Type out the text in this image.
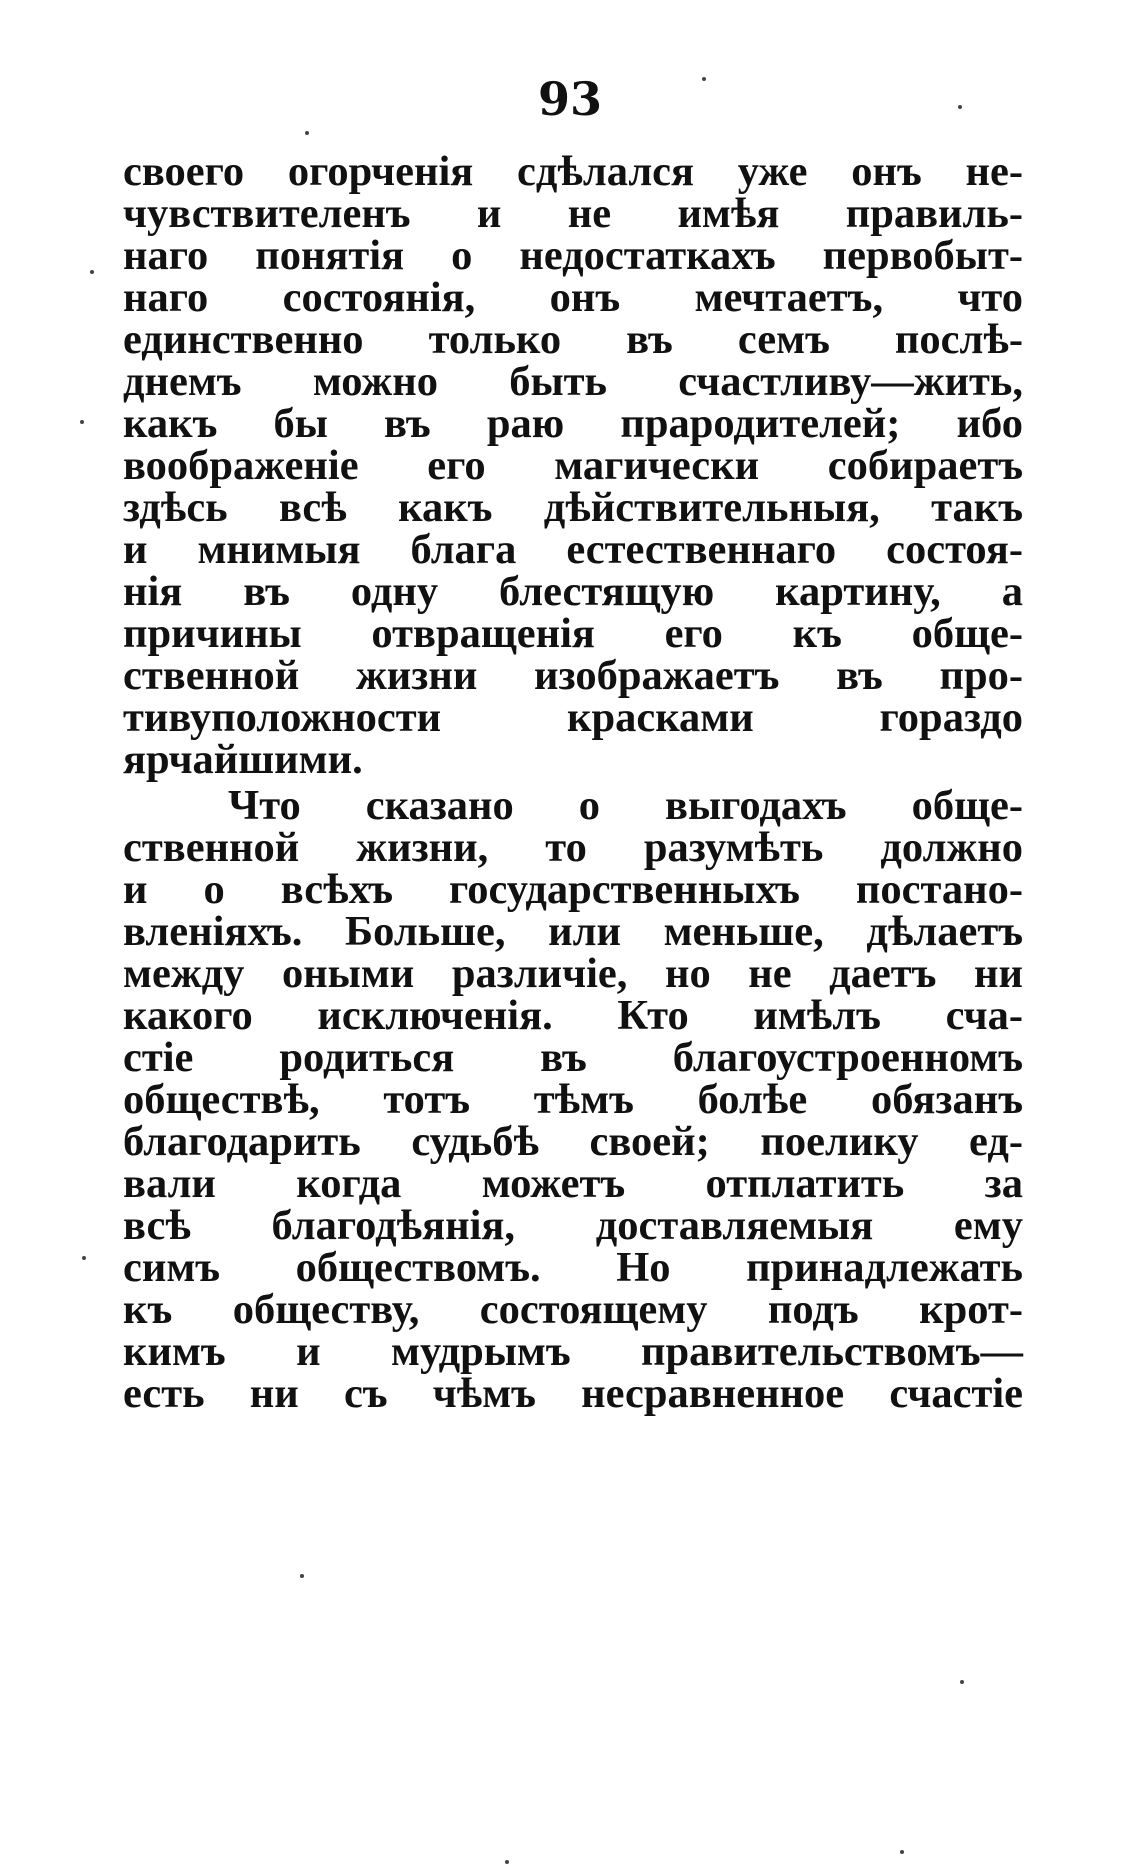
93
своего огорченія сдѣлался уже онъ не-
чувствителенъ и не имѣя правиль-
наго понятія о недостаткахъ первобыт-
наго состоянія, онъ мечтаетъ, что
единственно только въ семъ послѣ-
днемъ можно быть счастливу—жить,
какъ бы въ раю прародителей; ибо
воображеніе его магически собираетъ
здѣсь всѣ какъ дѣйствительныя, такъ
и мнимыя блага естественнаго состоя-
нія въ одну блестящую картину, а
причины отвращенія его къ обще-
ственной жизни изображаетъ въ про-
тивуположности красками гораздо
ярчайшими.
Что сказано о выгодахъ обще-
ственной жизни, то разумѣть должно
и о всѣхъ государственныхъ постано-
вленіяхъ. Больше, или меньше, дѣлаетъ
между оными различіе, но не даетъ ни
какого исключенія. Кто имѣлъ сча-
стіе родиться въ благоустроенномъ
обществѣ, тотъ тѣмъ болѣе обязанъ
благодарить судьбѣ своей; поелику ед-
вали когда можетъ отплатить за
всѣ благодѣянія, доставляемыя ему
симъ обществомъ. Но принадлежать
къ обществу, состоящему подъ крот-
кимъ и мудрымъ правительствомъ—
есть ни съ чѣмъ несравненное счастіе
